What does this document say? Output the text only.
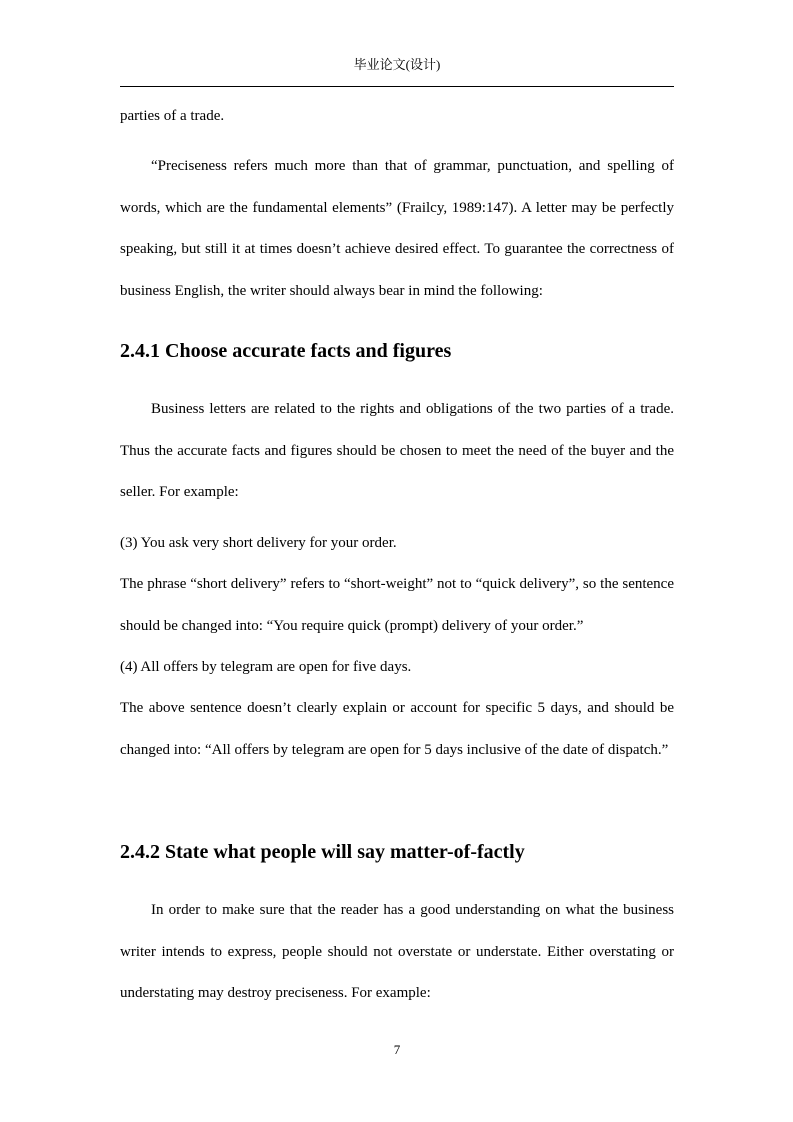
毕业论文(设计)

parties of a trade.

“Preciseness refers much more than that of grammar, punctuation, and spelling of words, which are the fundamental elements” (Frailcy, 1989:147). A letter may be perfectly speaking, but still it at times doesn’t achieve desired effect. To guarantee the correctness of business English, the writer should always bear in mind the following:

2.4.1 Choose accurate facts and figures

Business letters are related to the rights and obligations of the two parties of a trade. Thus the accurate facts and figures should be chosen to meet the need of the buyer and the seller. For example:

(3) You ask very short delivery for your order.

The phrase “short delivery” refers to “short-weight” not to “quick delivery”, so the sentence should be changed into: “You require quick (prompt) delivery of your order.”

(4) All offers by telegram are open for five days.

The above sentence doesn’t clearly explain or account for specific 5 days, and should be changed into: “All offers by telegram are open for 5 days inclusive of the date of dispatch.”

2.4.2 State what people will say matter-of-factly

In order to make sure that the reader has a good understanding on what the business writer intends to express, people should not overstate or understate. Either overstating or understating may destroy preciseness. For example:

7
